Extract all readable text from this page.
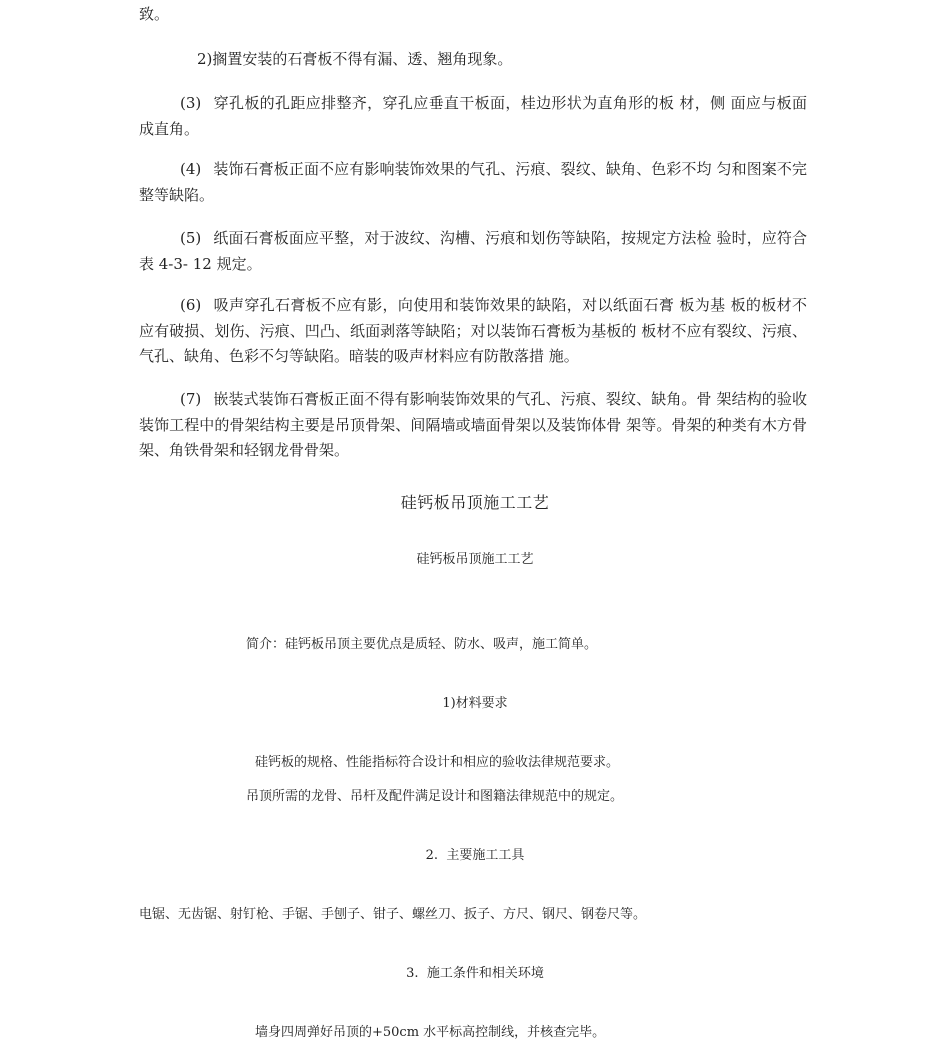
致。

2)搁置安装的石膏板不得有漏、透、翘角现象。

(3) 穿孔板的孔距应排整齐，穿孔应垂直干板面，桂边形状为直角形的板 材，侧 面应与板面成直角。

(4) 装饰石膏板正面不应有影响装饰效果的气孔、污痕、裂纹、缺角、色彩不均 匀和图案不完整等缺陷。

(5) 纸面石膏板面应平整，对于波纹、沟槽、污痕和划伤等缺陷，按规定方法检 验时，应符合表 4-3- 12 规定。

(6) 吸声穿孔石膏板不应有影，向使用和装饰效果的缺陷，对以纸面石膏 板为基 板的板材不应有破损、划伤、污痕、凹凸、纸面剥落等缺陷；对以装饰石膏板为基板的 板材不应有裂纹、污痕、气孔、缺角、色彩不匀等缺陷。暗装的吸声材料应有防散落措 施。

(7) 嵌装式装饰石膏板正面不得有影响装饰效果的气孔、污痕、裂纹、缺角。骨 架结构的验收装饰工程中的骨架结构主要是吊顶骨架、间隔墙或墙面骨架以及装饰体骨 架等。骨架的种类有木方骨架、角铁骨架和轻钢龙骨骨架。

硅钙板吊顶施工工艺

硅钙板吊顶施工工艺

简介：硅钙板吊顶主要优点是质轻、防水、吸声，施工简单。

1)材料要求

硅钙板的规格、性能指标符合设计和相应的验收法律规范要求。

吊顶所需的龙骨、吊杆及配件满足设计和图籍法律规范中的规定。

2.  主要施工工具

电锯、无齿锯、射钉枪、手锯、手刨子、钳子、螺丝刀、扳子、方尺、钢尺、钢卷尺等。

3.  施工条件和相关环境

墙身四周弹好吊顶的+50cm 水平标高控制线，并核查完毕。
